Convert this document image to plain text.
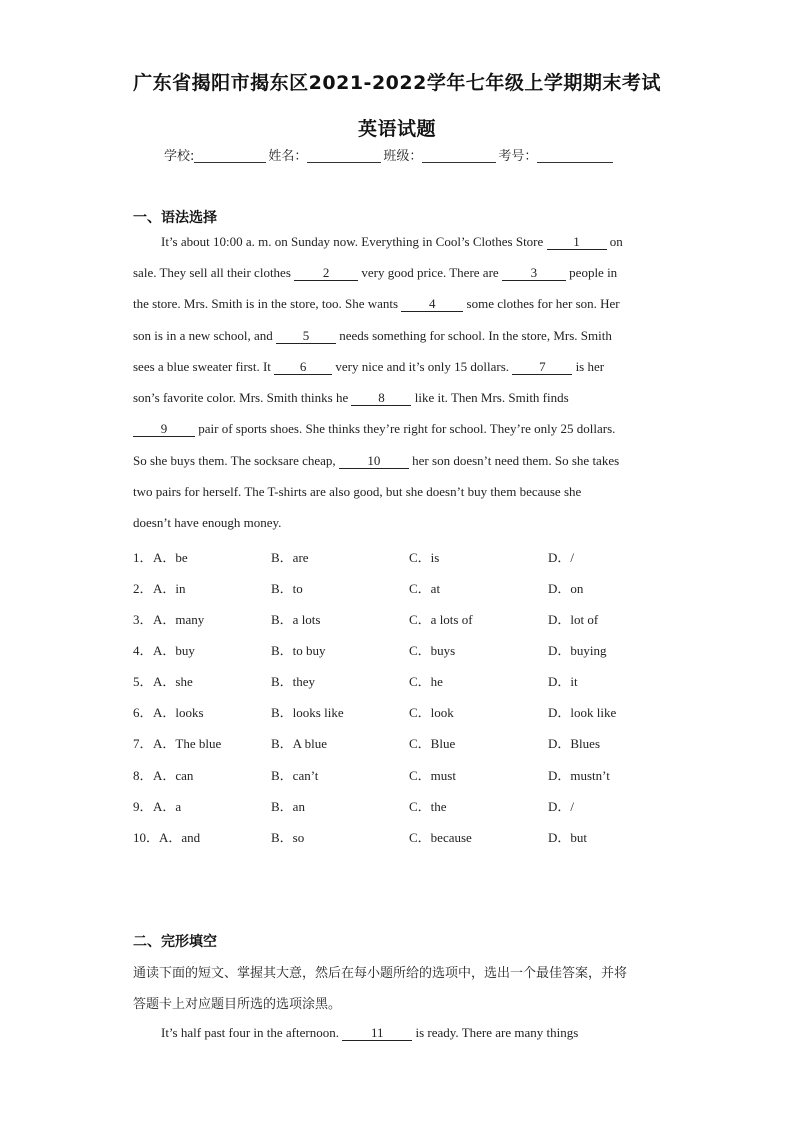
广东省揭阳市揭东区2021-2022学年七年级上学期期末考试
英语试题
学校:	姓名：	班级：	考号：
一、语法选择
It’s about 10:00 a. m. on Sunday now. Everything in Cool’s Clothes Store 1 on
sale. They sell all their clothes 2 very good price. There are 3 people in
the store. Mrs. Smith is in the store, too. She wants 4 some clothes for her son. Her
son is in a new school, and 5 needs something for school. In the store, Mrs. Smith
sees a blue sweater first. It 6 very nice and it’s only 15 dollars. 7 is her
son’s favorite color. Mrs. Smith thinks he 8 like it. Then Mrs. Smith finds
9 pair of sports shoes. She thinks they’re right for school. They’re only 25 dollars.
So she buys them. The socksare cheap, 10 her son doesn’t need them. So she takes
two pairs for herself. The T-shirts are also good, but she doesn’t buy them because she
doesn’t have enough money.
1． A．be	B．are	C．is	D．/
2． A．in	B．to	C．at	D．on
3． A．many	B．a lots	C．a lots of	D．lot of
4． A．buy	B．to buy	C．buys	D．buying
5． A．she	B．they	C．he	D．it
6． A．looks	B．looks like	C．look	D．look like
7． A．The blue	B．A blue	C．Blue	D．Blues
8． A．can	B．can’t	C．must	D．mustn’t
9． A．a	B．an	C．the	D．/
10． A．and	B．so	C．because	D．but
二、完形填空
通读下面的短文、掌握其大意，然后在每小题所给的选项中，选出一个最佳答案，并将
答题卡上对应题目所选的选项涂黑。
It’s half past four in the afternoon. 11 is ready. There are many things
